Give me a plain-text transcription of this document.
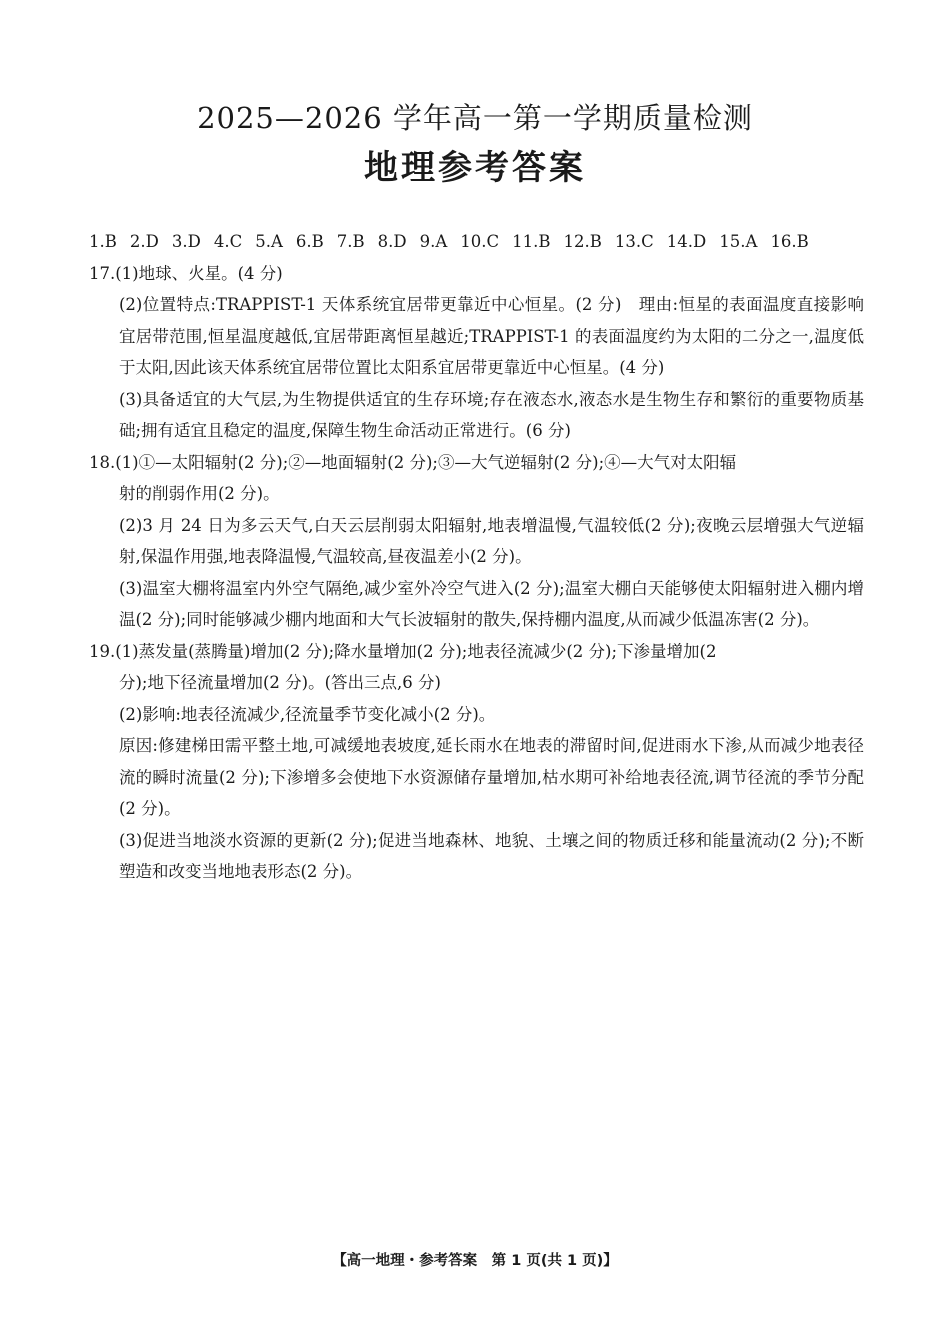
2025—2026 学年高一第一学期质量检测
地理参考答案
1.B 2.D 3.D 4.C 5.A 6.B 7.B 8.D 9.A 10.C 11.B 12.B 13.C 14.D 15.A 16.B
17.(1)地球、火星。(4 分)
(2)位置特点:TRAPPIST-1 天体系统宜居带更靠近中心恒星。(2 分)　理由:恒星的表面温度直接影响宜居带范围,恒星温度越低,宜居带距离恒星越近;TRAPPIST-1 的表面温度约为太阳的二分之一,温度低于太阳,因此该天体系统宜居带位置比太阳系宜居带更靠近中心恒星。(4 分)
(3)具备适宜的大气层,为生物提供适宜的生存环境;存在液态水,液态水是生物生存和繁衍的重要物质基础;拥有适宜且稳定的温度,保障生物生命活动正常进行。(6 分)
18.(1)①—太阳辐射(2 分);②—地面辐射(2 分);③—大气逆辐射(2 分);④—大气对太阳辐
射的削弱作用(2 分)。
(2)3 月 24 日为多云天气,白天云层削弱太阳辐射,地表增温慢,气温较低(2 分);夜晚云层增强大气逆辐射,保温作用强,地表降温慢,气温较高,昼夜温差小(2 分)。
(3)温室大棚将温室内外空气隔绝,减少室外冷空气进入(2 分);温室大棚白天能够使太阳辐射进入棚内增温(2 分);同时能够减少棚内地面和大气长波辐射的散失,保持棚内温度,从而减少低温冻害(2 分)。
19.(1)蒸发量(蒸腾量)增加(2 分);降水量增加(2 分);地表径流减少(2 分);下渗量增加(2
分);地下径流量增加(2 分)。(答出三点,6 分)
(2)影响:地表径流减少,径流量季节变化减小(2 分)。
原因:修建梯田需平整土地,可减缓地表坡度,延长雨水在地表的滞留时间,促进雨水下渗,从而减少地表径流的瞬时流量(2 分);下渗增多会使地下水资源储存量增加,枯水期可补给地表径流,调节径流的季节分配(2 分)。
(3)促进当地淡水资源的更新(2 分);促进当地森林、地貌、土壤之间的物质迁移和能量流动(2 分);不断塑造和改变当地地表形态(2 分)。
【高一地理・参考答案　第 1 页(共 1 页)】
